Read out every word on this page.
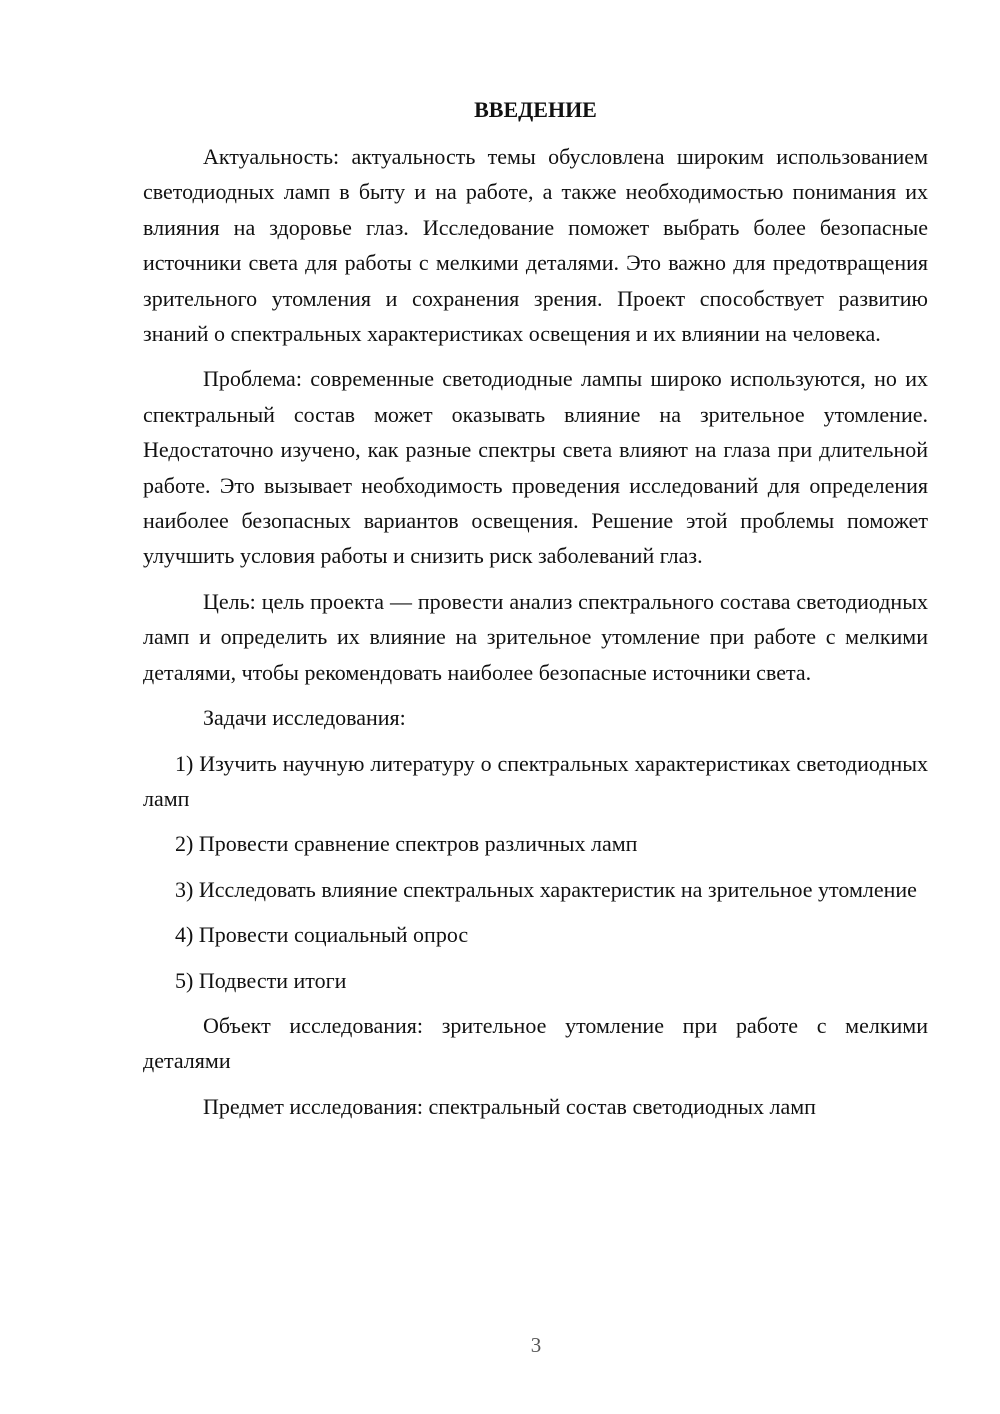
ВВЕДЕНИЕ

Актуальность: актуальность темы обусловлена широким использованием светодиодных ламп в быту и на работе, а также необходимостью понимания их влияния на здоровье глаз. Исследование поможет выбрать более безопасные источники света для работы с мелкими деталями. Это важно для предотвращения зрительного утомления и сохранения зрения. Проект способствует развитию знаний о спектральных характеристиках освещения и их влиянии на человека.

Проблема: современные светодиодные лампы широко используются, но их спектральный состав может оказывать влияние на зрительное утомление. Недостаточно изучено, как разные спектры света влияют на глаза при длительной работе. Это вызывает необходимость проведения исследований для определения наиболее безопасных вариантов освещения. Решение этой проблемы поможет улучшить условия работы и снизить риск заболеваний глаз.

Цель: цель проекта — провести анализ спектрального состава светодиодных ламп и определить их влияние на зрительное утомление при работе с мелкими деталями, чтобы рекомендовать наиболее безопасные источники света.

Задачи исследования:

1) Изучить научную литературу о спектральных характеристиках светодиодных ламп

2) Провести сравнение спектров различных ламп

3) Исследовать влияние спектральных характеристик на зрительное утомление

4) Провести социальный опрос

5) Подвести итоги

Объект исследования: зрительное утомление при работе с мелкими деталями

Предмет исследования: спектральный состав светодиодных ламп

3
